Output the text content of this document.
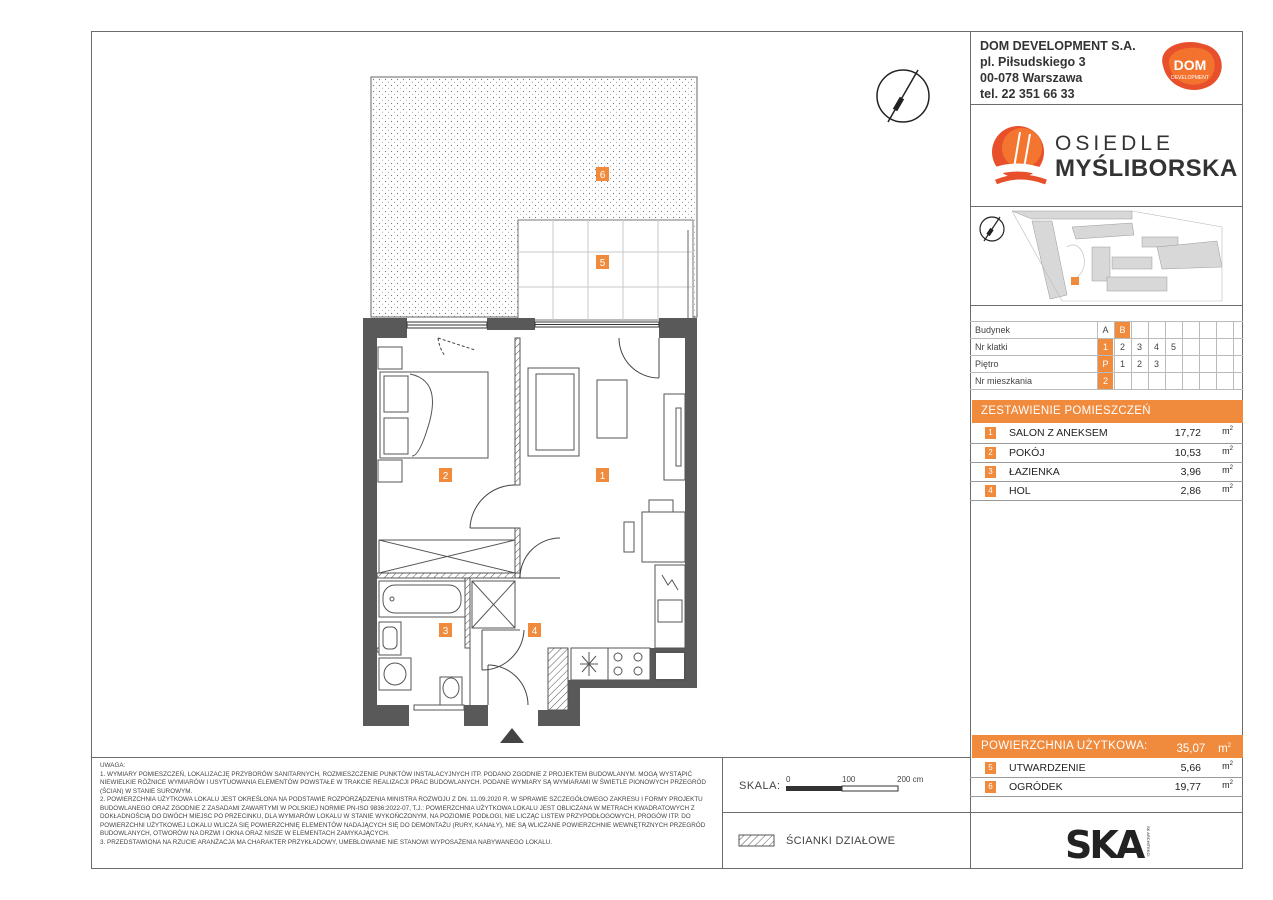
6
5
1
2
3	4
DOM DEVELOPMENT S.A.
pl. Piłsudskiego 3
00-078 Warszawa
tel. 22 351 66 33
DOM
DEVELOPMENT
OSIEDLE
MYŚLIBORSKA
Budynek	A	B
Nr klatki	1	2	3	4	5
Piętro	P	1	2	3
Nr mieszkania	2
ZESTAWIENIE POMIESZCZEŃ
1	SALON Z ANEKSEM	17,72 $m^2$
2	POKÓJ	10,53 $m^2$
3	ŁAZIENKA	3,96 $m^2$
4	HOL	2,86 $m^2$
POWIERZCHNIA UŻYTKOWA:	35,07 $m^2$
5	UTWARDZENIE	5,66 $m^2$
6	OGRÓDEK	19,77 $m^2$

UWAGA:

1. WYMIARY POMIESZCZEŃ, LOKALIZACJĘ PRZYBORÓW SANITARNYCH, ROZMIESZCZENIE PUNKTÓW INSTALACYJNYCH ITP. PODANO ZGODNIE Z PROJEKTEM BUDOWLANYM. MOGĄ WYSTĄPIĆ NIEWIELKIE RÓŻNICE WYMIARÓW I USYTUOWANIA ELEMENTÓW POWSTAŁE W TRAKCIE REALIZACJI PRAC BUDOWLANYCH. PODANE WYMIARY SĄ WYMIARAMI W ŚWIETLE PIONOWYCH PRZEGRÓD (ŚCIAN) W STANIE SUROWYM.

2. POWIERZCHNIA UŻYTKOWA LOKALU JEST OKREŚLONA NA PODSTAWIE ROZPORZĄDZENIA MINISTRA ROZWOJU Z DN. 11.09.2020 R. W SPRAWIE SZCZEGÓŁOWEGO ZAKRESU I FORMY PROJEKTU BUDOWLANEGO ORAZ ZGODNIE Z ZASADAMI ZAWARTYMI W POLSKIEJ NORMIE PN-ISO 9836:2022-07, T.J.: POWIERZCHNIA UŻYTKOWA LOKALU JEST OBLICZANA W METRACH KWADRATOWYCH Z DOKŁADNOŚCIĄ DO DWÓCH MIEJSC PO PRZECINKU, DLA WYMIARÓW LOKALU W STANIE WYKOŃCZONYM, NA POZIOMIE PODŁOGI, NIE LICZĄC LISTEW PRZYPODŁOGOWYCH, PROGÓW ITP. DO POWIERZCHNI UŻYTKOWEJ LOKALU WLICZA SIĘ POWIERZCHNIĘ ELEMENTÓW NADAJĄCYCH SIĘ DO DEMONTAŻU (RURY, KANAŁY), NIE SĄ WLICZANE POWIERZCHNIE WEWNĘTRZNYCH PRZEGRÓD BUDOWLANYCH, OTWORÓW NA DRZWI I OKNA ORAZ NISZE W ELEMENTACH ZAMYKAJĄCYCH.

3. PRZEDSTAWIONA NA RZUCIE ARANŻACJA MA CHARAKTER PRZYKŁADOWY, UMEBLOWANIE NIE STANOWI WYPOSAŻENIA NABYWANEGO LOKALU.

SKALA:
0	100	200 cm
ŚCIANKI DZIAŁOWE	SKA SK ARCHITEKCI
